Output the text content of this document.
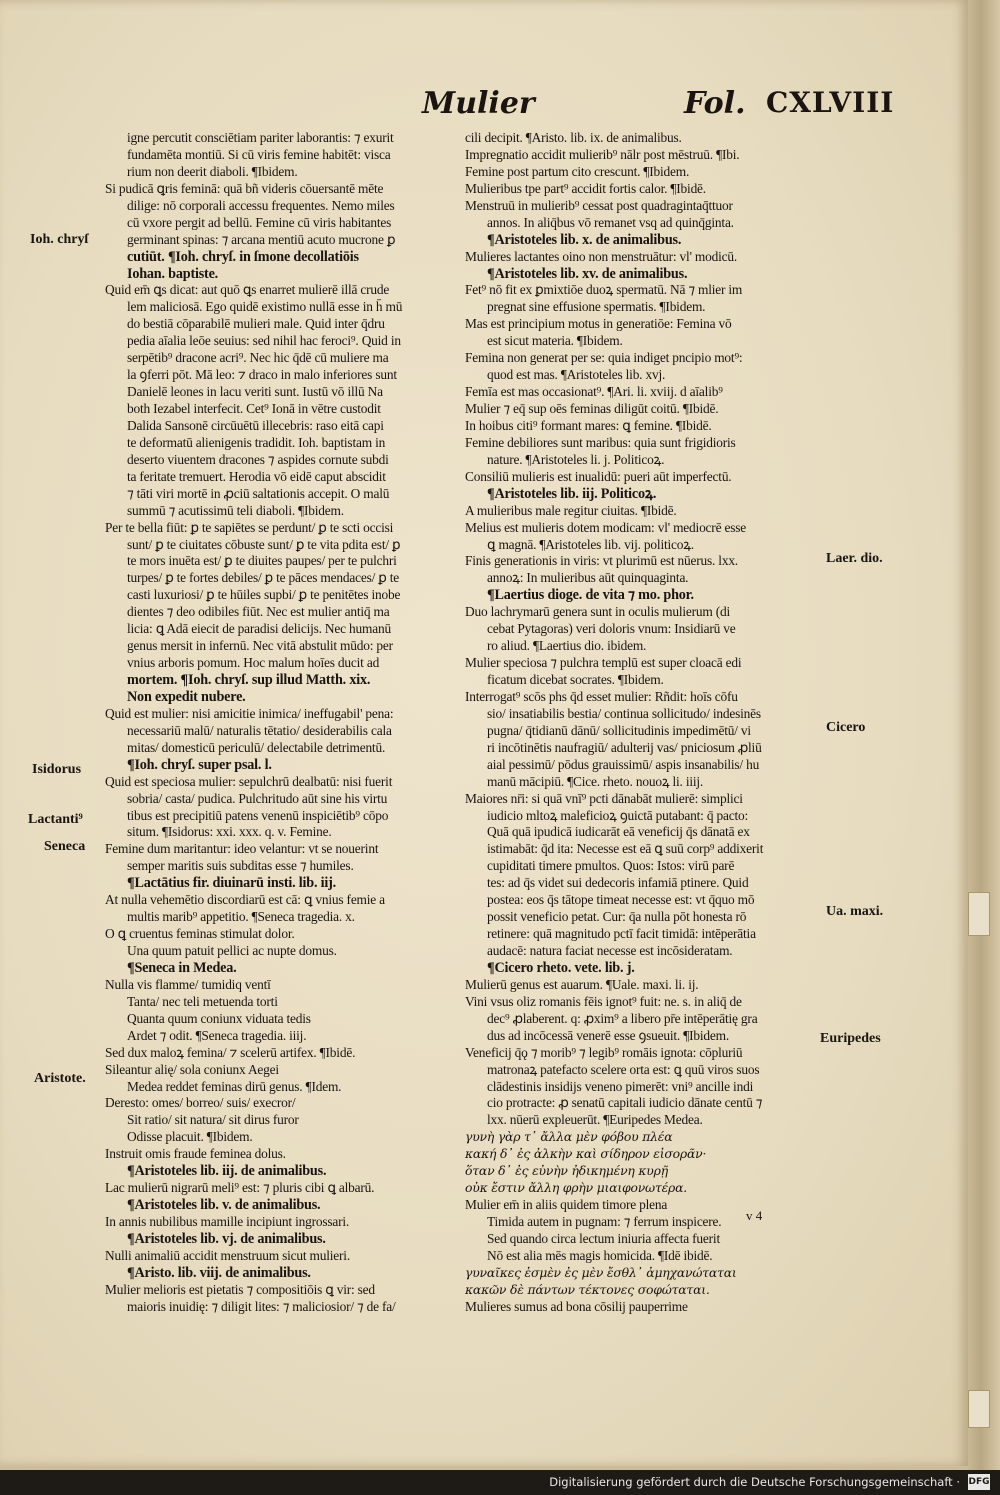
Mulier	Fol. CXLVIII
igne percutit consciētiam pariter laborantis: ⁊ exurit
fundamēta montiū. Si cū viris femine habitēt: visca
rium non deerit diaboli. ¶Ibidem.
Si pudicā ꝗris feminā: quā bñ videris cōuersantē mēte
dilige: nō corporali accessu frequentes. Nemo miles
cū vxore pergit ad bellū. Femine cū viris habitantes
germinant spinas: ⁊ arcana mentiū acuto mucrone ꝑ
cutiūt. ¶Ioh. chryſ. in ſmone decollatiōis
Iohan. baptiste.
Quid em̄ ꝗs dicat: aut quō ꝗs enarret mulierē illā crude
lem maliciosā. Ego quidē existimo nullā esse in h̄ mū
do bestiā cōparabilē mulieri male. Quid inter q̄dru
pedia aīalia leōe seuius: sed nihil hac feroci⁹. Quid in
serpētib⁹ dracone acri⁹. Nec hic q̄dē cū muliere ma
la ꝯferri pōt. Mā leo: ⁊ draco in malo inferiores sunt
Danielē leones in lacu veriti sunt. Iustū vō illū Na
both Iezabel interfecit. Cet⁹ Ionā in vētre custodit
Dalida Sansonē circūuētū illecebris: raso eitā capi
te deformatū alienigenis tradidit. Ioh. baptistam in
deserto viuentem dracones ⁊ aspides cornute subdi
ta feritate tremuert. Herodia vō eidē caput abscidit
⁊ tāti viri mortē in ꝓciū saltationis accepit. O malū
summū ⁊ acutissimū teli diaboli. ¶Ibidem.
Per te bella fiūt: ꝑ te sapiētes se perdunt/ ꝑ te scti occisi
sunt/ ꝑ te ciuitates cōbuste sunt/ ꝑ te vita pdita est/ ꝑ
te mors inuēta est/ ꝑ te diuites paupes/ per te pulchri
turpes/ ꝑ te fortes debiles/ ꝑ te pāces mendaces/ ꝑ te
casti luxuriosi/ ꝑ te hūiles supbi/ ꝑ te penitētes inobe
dientes ⁊ deo odibiles fiūt. Nec est mulier antiq̄ ma
licia: ꝗ Adā eiecit de paradisi delicijs. Nec humanū
genus mersit in infernū. Nec vitā abstulit mūdo: per
vnius arboris pomum. Hoc malum hoīes ducit ad
mortem. ¶Ioh. chryſ. sup illud Matth. xix.
Non expedit nubere.
Quid est mulier: nisi amicitie inimica/ ineffugabil' pena:
necessariū malū/ naturalis tētatio/ desiderabilis cala
mitas/ domesticū periculū/ delectabile detrimentū.
¶Ioh. chryſ. super psal. l.
Quid est speciosa mulier: sepulchrū dealbatū: nisi fuerit
sobria/ casta/ pudica. Pulchritudo aūt sine his virtu
tibus est precipitiū patens venenū inspiciētib⁹ cōpo
situm. ¶Isidorus: xxi. xxx. q. v. Femine.
Femine dum maritantur: ideo velantur: vt se nouerint
semper maritis suis subditas esse ⁊ humiles.
¶Lactātius fir. diuinarū insti. lib. iij.
At nulla vehemētio discordiarū est cā: ꝗ vnius femie a
multis marib⁹ appetitio. ¶Seneca tragedia. x.
O ꝗ cruentus feminas stimulat dolor.
Una quum patuit pellici ac nupte domus.
¶Seneca in Medea.
Nulla vis flamme/ tumidiq ventī
Tanta/ nec teli metuenda torti
Quanta quum coniunx viduata tedis
Ardet ⁊ odit. ¶Seneca tragedia. iiij.
Sed dux maloꝝ femina/ ⁊ scelerū artifex. ¶Ibidē.
Sileantur alię/ sola coniunx Aegei
Medea reddet feminas dirū genus. ¶Idem.
Deresto: omes/ borreo/ suis/ execror/
Sit ratio/ sit natura/ sit dirus furor
Odisse placuit. ¶Ibidem.
Instruit omis fraude feminea dolus.
¶Aristoteles lib. iij. de animalibus.
Lac mulierū nigrarū meli⁹ est: ⁊ pluris cibi ꝗ albarū.
¶Aristoteles lib. v. de animalibus.
In annis nubilibus mamille incipiunt ingrossari.
¶Aristoteles lib. vj. de animalibus.
Nulli animaliū accidit menstruum sicut mulieri.
¶Aristo. lib. viij. de animalibus.
Mulier melioris est pietatis ⁊ compositiōis ꝗ vir: sed
maioris inuidię: ⁊ diligit lites: ⁊ maliciosior/ ⁊ de fa/
cili decipit. ¶Aristo. lib. ix. de animalibus.
Impregnatio accidit mulierib⁹ nālr post mēstruū. ¶Ibi.
Femine post partum cito crescunt. ¶Ibidem.
Mulieribus tpe part⁹ accidit fortis calor. ¶Ibidē.
Menstruū in mulierib⁹ cessat post quadragintaq̄ttuor
annos. In aliq̄bus vō remanet vsq ad quinq̄ginta.
¶Aristoteles lib. x. de animalibus.
Mulieres lactantes oino non menstruātur: vl' modicū.
¶Aristoteles lib. xv. de animalibus.
Fet⁹ nō fit ex ꝑmixtiōe duoꝝ spermatū. Nā ⁊ mlier im
pregnat sine effusione spermatis. ¶Ibidem.
Mas est principium motus in generatiōe: Femina vō
est sicut materia. ¶Ibidem.
Femina non generat per se: quia indiget pncipio mot⁹:
quod est mas. ¶Aristoteles lib. xvj.
Femīa est mas occasionat⁹. ¶Ari. li. xviij. d aīalib⁹
Mulier ⁊ eq̄ sup oēs feminas diligūt coitū. ¶Ibidē.
In hoibus citi⁹ formant mares: ꝗ femine. ¶Ibidē.
Femine debiliores sunt maribus: quia sunt frigidioris
nature. ¶Aristoteles li. j. Politicoꝝ.
Consiliū mulieris est inualidū: pueri aūt imperfectū.
¶Aristoteles lib. iij. Politicoꝝ.
A mulieribus male regitur ciuitas. ¶Ibidē.
Melius est mulieris dotem modicam: vl' mediocrē esse
ꝗ magnā. ¶Aristoteles lib. vij. politicoꝝ.
Finis generationis in viris: vt plurimū est nūerus. lxx.
annoꝝ: In mulieribus aūt quinquaginta.
¶Laertius dioge. de vita ⁊ mo. phor.
Duo lachrymarū genera sunt in oculis mulierum (di
cebat Pytagoras) veri doloris vnum: Insidiarū ve
ro aliud. ¶Laertius dio. ibidem.
Mulier speciosa ⁊ pulchra templū est super cloacā edi
ficatum dicebat socrates. ¶Ibidem.
Interrogat⁹ scōs phs q̄d esset mulier: Rñdit: hoīs cōfu
sio/ insatiabilis bestia/ continua sollicitudo/ indesinēs
pugna/ q̄tidianū dānū/ sollicitudinis impedimētū/ vi
ri incōtinētis naufragiū/ adulterij vas/ pniciosum ꝓliū
aial pessimū/ pōdus grauissimū/ aspis insanabilis/ hu
manū mācipiū. ¶Cice. rheto. nouoꝝ li. iiij.
Maiores nr̄i: si quā vnī⁹ pcti dānabāt mulierē: simplici
iudicio mltoꝝ maleficioꝝ ꝯuictā putabant: q̄ pacto:
Quā quā ipudicā iudicarāt eā veneficij q̄s dānatā ex
istimabāt: q̄d ita: Necesse est eā ꝗ suū corp⁹ addixerit
cupiditati timere pmultos. Quos: Istos: virū parē
tes: ad q̄s videt sui dedecoris infamiā ptinere. Quid
postea: eos q̄s tātope timeat necesse est: vt q̄quo mō
possit veneficio petat. Cur: q̄a nulla pōt honesta rō
retinere: quā magnitudo pctī facit timidā: intēperātia
audacē: natura faciat necesse est incōsideratam.
¶Cicero rheto. vete. lib. j.
Mulierū genus est auarum. ¶Uale. maxi. li. ij.
Vini vsus oliz romanis fēis ignot⁹ fuit: ne. s. in aliq̄ de
dec⁹ ꝓlaberent. q: ꝓxim⁹ a libero pr̄e intēperātię gra
dus ad incōcessā venerē esse ꝯsueuit. ¶Ibidem.
Veneficij q̄ǫ ⁊ morib⁹ ⁊ legib⁹ romāis ignota: cōpluriū
matronaꝝ patefacto scelere orta est: ꝗ quū viros suos
clādestinis insidijs veneno pimerēt: vni⁹ ancille indi
cio protracte: ꝓ senatū capitali iudicio dānate centū ⁊
lxx. nūerū expleuerūt. ¶Euripedes Medea.
γυνὴ γὰρ τ᾽ ἄλλα μὲν φόβου πλέα
κακή δ᾽ ἐς ἀλκὴν καὶ σίδηρον εἰσορᾶν·
ὅταν δ᾽ ἐς εὐνὴν ἠδικημένη κυρῇ
οὐκ ἔστιν ἄλλη φρὴν μιαιφονωτέρα.
Mulier em̄ in aliis quidem timore plena
Timida autem in pugnam: ⁊ ferrum inspicere.
Sed quando circa lectum iniuria affecta fuerit
Nō est alia mēs magis homicida. ¶Idē ibidē.
γυναῖκες ἐσμὲν ἐς μὲν ἔσθλ᾽ ἀμηχανώταται
κακῶν δὲ πάντων τέκτονες σοφώταται.
Mulieres sumus ad bona cōsilij pauperrime
Ioh. chryſ
Isidorus
Lactanti⁹
Seneca
Aristote.
Laer. dio.
Cicero
Ua. maxi.
Euripedes
v 4
Digitalisierung gefördert durch die Deutsche Forschungsgemeinschaft · DFG
